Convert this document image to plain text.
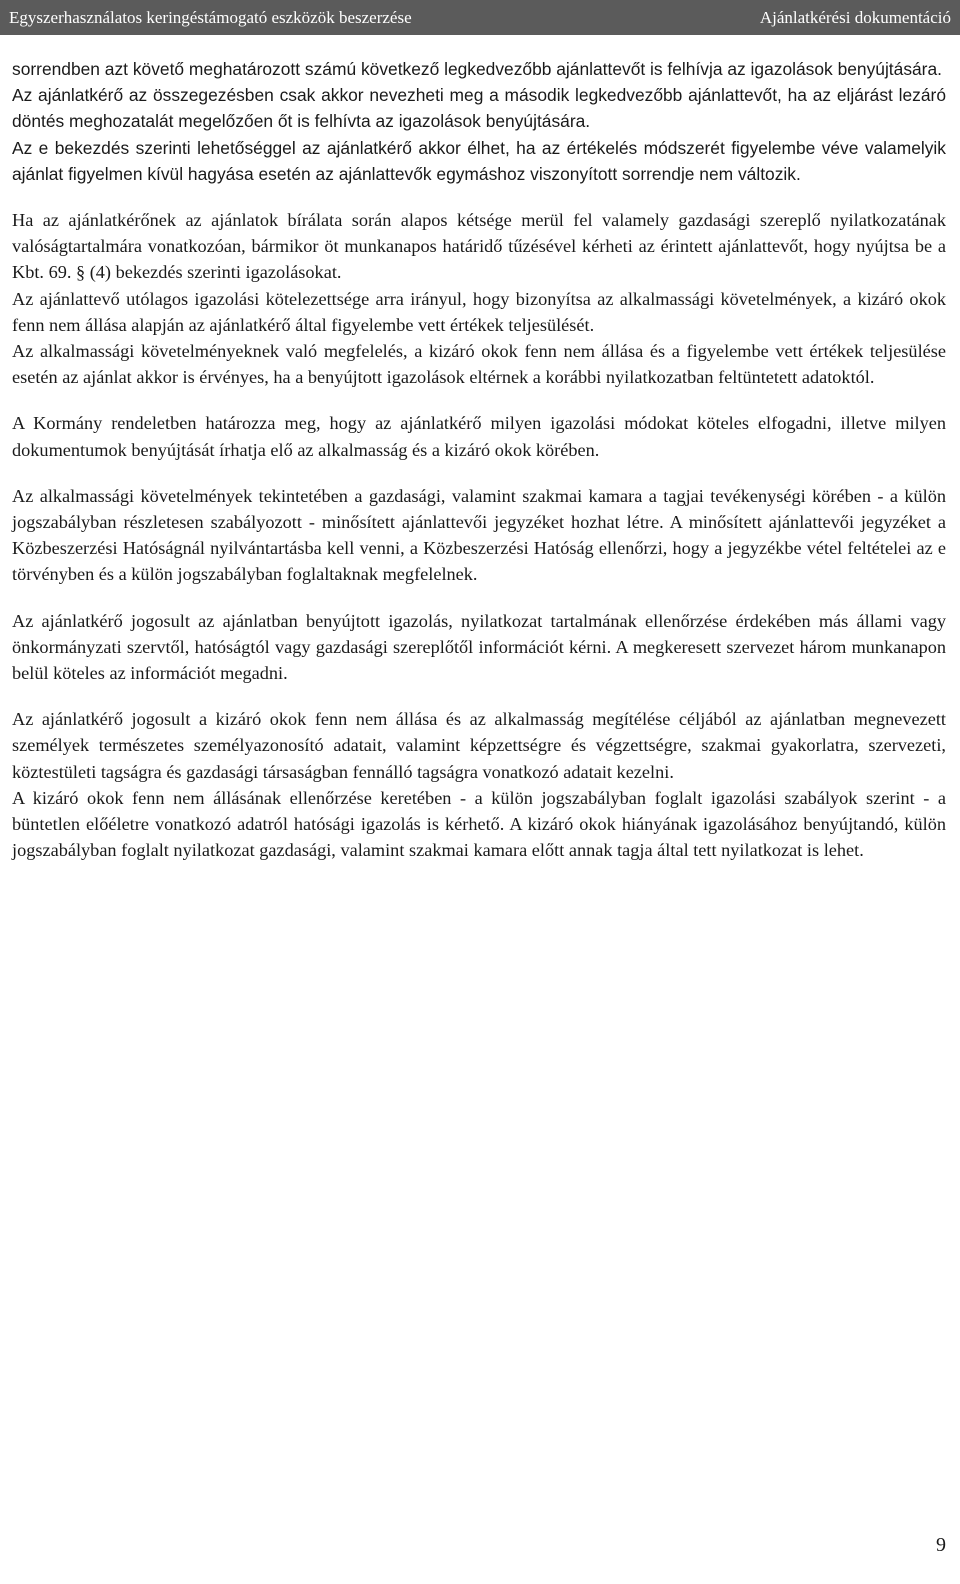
Egyszerhasználatos keringéstámogató eszközök beszerzése	Ajánlatkérési dokumentáció

sorrendben azt követő meghatározott számú következő legkedvezőbb ajánlattevőt is felhívja az igazolások benyújtására.

Az ajánlatkérő az összegezésben csak akkor nevezheti meg a második legkedvezőbb ajánlattevőt, ha az eljárást lezáró döntés meghozatalát megelőzően őt is felhívta az igazolások benyújtására.

Az e bekezdés szerinti lehetőséggel az ajánlatkérő akkor élhet, ha az értékelés módszerét figyelembe véve valamelyik ajánlat figyelmen kívül hagyása esetén az ajánlattevők egymáshoz viszonyított sorrendje nem változik.

Ha az ajánlatkérőnek az ajánlatok bírálata során alapos kétsége merül fel valamely gazdasági szereplő nyilatkozatának valóságtartalmára vonatkozóan, bármikor öt munkanapos határidő tűzésével kérheti az érintett ajánlattevőt, hogy nyújtsa be a Kbt. 69. § (4) bekezdés szerinti igazolásokat.

Az ajánlattevő utólagos igazolási kötelezettsége arra irányul, hogy bizonyítsa az alkalmassági követelmények, a kizáró okok fenn nem állása alapján az ajánlatkérő által figyelembe vett értékek teljesülését.

Az alkalmassági követelményeknek való megfelelés, a kizáró okok fenn nem állása és a figyelembe vett értékek teljesülése esetén az ajánlat akkor is érvényes, ha a benyújtott igazolások eltérnek a korábbi nyilatkozatban feltüntetett adatoktól.

A Kormány rendeletben határozza meg, hogy az ajánlatkérő milyen igazolási módokat köteles elfogadni, illetve milyen dokumentumok benyújtását írhatja elő az alkalmasság és a kizáró okok körében.

Az alkalmassági követelmények tekintetében a gazdasági, valamint szakmai kamara a tagjai tevékenységi körében - a külön jogszabályban részletesen szabályozott - minősített ajánlattevői jegyzéket hozhat létre. A minősített ajánlattevői jegyzéket a Közbeszerzési Hatóságnál nyilvántartásba kell venni, a Közbeszerzési Hatóság ellenőrzi, hogy a jegyzékbe vétel feltételei az e törvényben és a külön jogszabályban foglaltaknak megfelelnek.

Az ajánlatkérő jogosult az ajánlatban benyújtott igazolás, nyilatkozat tartalmának ellenőrzése érdekében más állami vagy önkormányzati szervtől, hatóságtól vagy gazdasági szereplőtől információt kérni. A megkeresett szervezet három munkanapon belül köteles az információt megadni.

Az ajánlatkérő jogosult a kizáró okok fenn nem állása és az alkalmasság megítélése céljából az ajánlatban megnevezett személyek természetes személyazonosító adatait, valamint képzettségre és végzettségre, szakmai gyakorlatra, szervezeti, köztestületi tagságra és gazdasági társaságban fennálló tagságra vonatkozó adatait kezelni.

A kizáró okok fenn nem állásának ellenőrzése keretében - a külön jogszabályban foglalt igazolási szabályok szerint - a büntetlen előéletre vonatkozó adatról hatósági igazolás is kérhető. A kizáró okok hiányának igazolásához benyújtandó, külön jogszabályban foglalt nyilatkozat gazdasági, valamint szakmai kamara előtt annak tagja által tett nyilatkozat is lehet.

9
